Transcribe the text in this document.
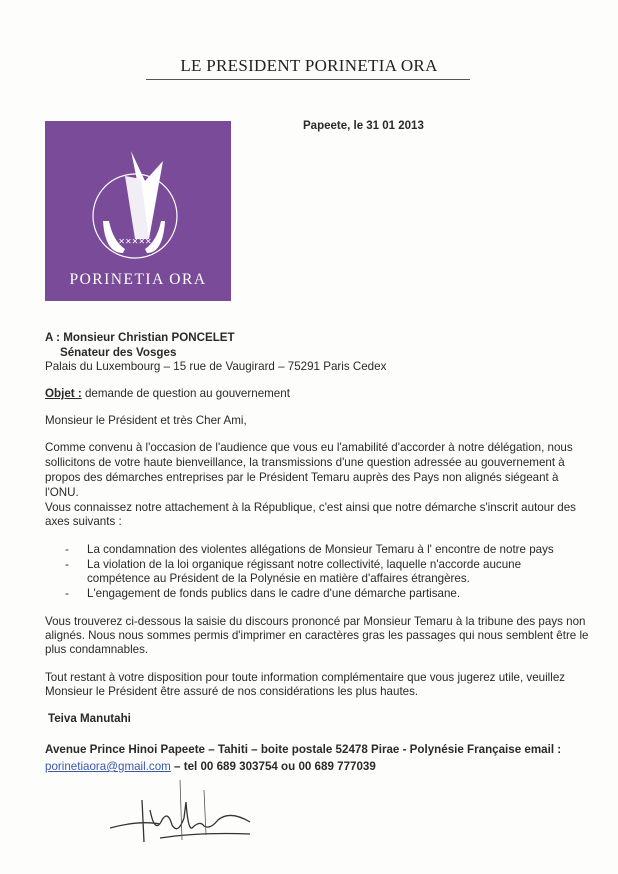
LE PRESIDENT PORINETIA ORA
Papeete, le 31 01 2013
✕✕✕✕✕
PORINETIA ORA
A : Monsieur Christian PONCELET
Sénateur des Vosges
Palais du Luxembourg – 15 rue de Vaugirard – 75291 Paris Cedex
Objet : demande de question au gouvernement
Monsieur le Président et très Cher Ami,
Comme convenu à l'occasion de l'audience que vous eu l'amabilité d'accorder à notre délégation, nous
sollicitons de votre haute bienveillance, la transmissions d'une question adressée au gouvernement à
propos des démarches entreprises par le Président Temaru auprès des Pays non alignés siégeant à
l'ONU.
Vous connaissez notre attachement à la République, c'est ainsi que notre démarche s'inscrit autour des
axes suivants :
- La condamnation des violentes allégations de Monsieur Temaru à l' encontre de notre pays
- La violation de la loi organique régissant notre collectivité, laquelle n'accorde aucune
compétence au Président de la Polynésie en matière d'affaires étrangères.
- L'engagement de fonds publics dans le cadre d'une démarche partisane.
Vous trouverez ci-dessous la saisie du discours prononcé par Monsieur Temaru à la tribune des pays non
alignés. Nous nous sommes permis d'imprimer en caractères gras les passages qui nous semblent être le
plus condamnables.
Tout restant à votre disposition pour toute information complémentaire que vous jugerez utile, veuillez
Monsieur le Président être assuré de nos considérations les plus hautes.
Teiva Manutahi
Avenue Prince Hinoi Papeete – Tahiti – boite postale 52478 Pirae - Polynésie Française email :
porinetiaora@gmail.com – tel 00 689 303754 ou 00 689 777039
